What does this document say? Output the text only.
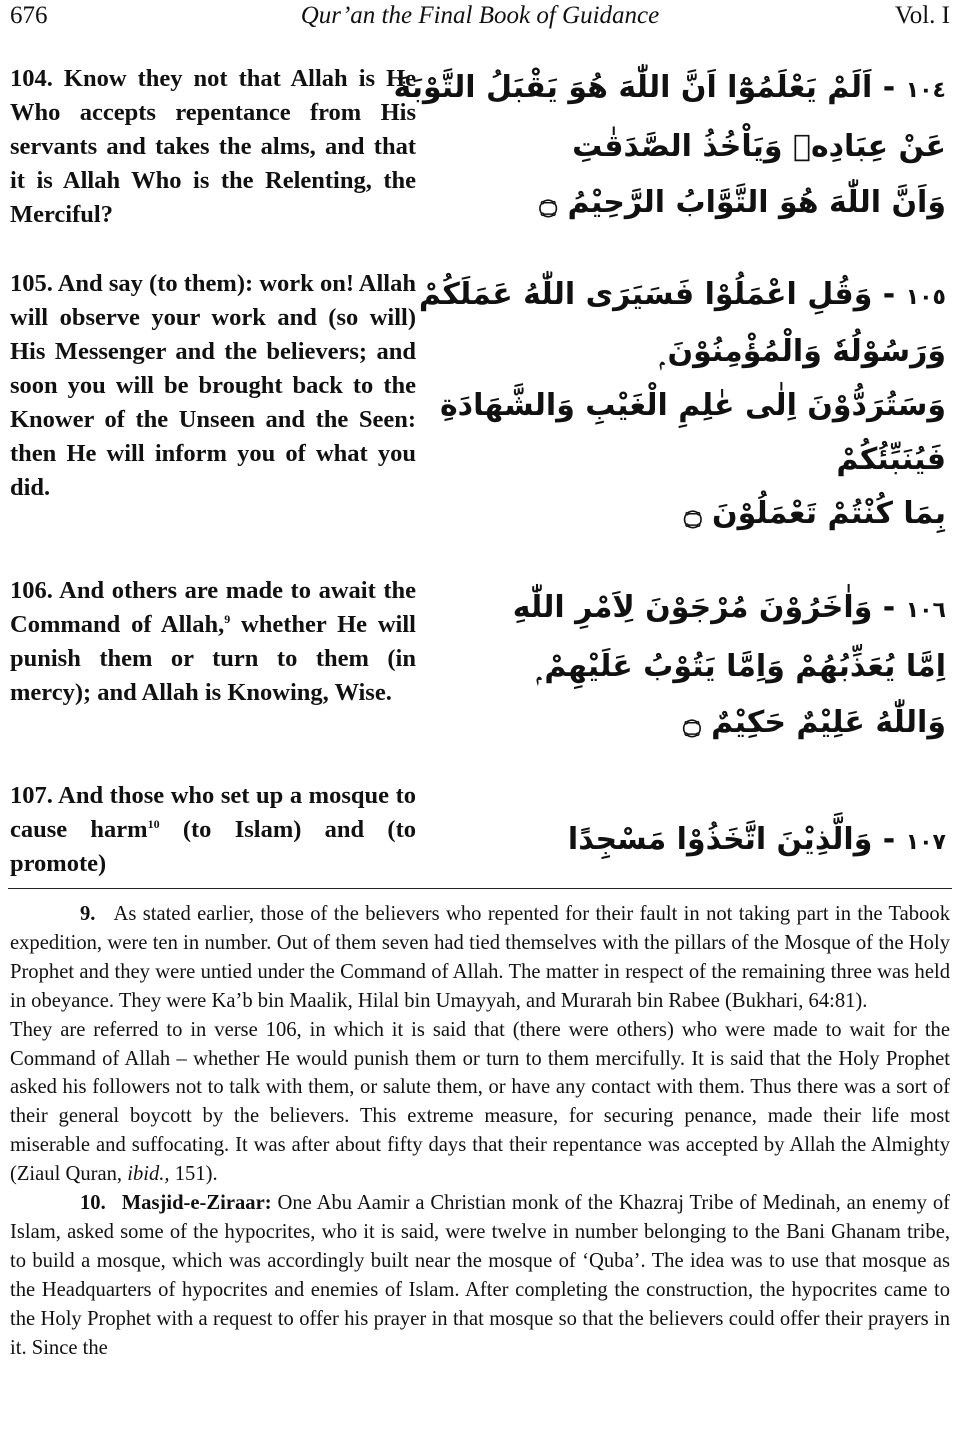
676	Qur’an the Final Book of Guidance	Vol. I

104. Know they not that Allah is He Who accepts repentance from His servants and takes the alms, and that it is Allah Who is the Relenting, the Merciful?

١٠٤ - اَلَمْ يَعْلَمُوْٓا اَنَّ اللّٰهَ هُوَ يَقْبَلُ التَّوْبَةَ
عَنْ عِبَادِهٖ وَيَاْخُذُ الصَّدَقٰتِ
وَاَنَّ اللّٰهَ هُوَ التَّوَّابُ الرَّحِيْمُ ۝

105. And say (to them): work on! Allah will observe your work and (so will) His Messenger and the believers; and soon you will be brought back to the Knower of the Unseen and the Seen: then He will inform you of what you did.

١٠٥ - وَقُلِ اعْمَلُوْا فَسَيَرَى اللّٰهُ عَمَلَكُمْ
وَرَسُوْلُهٗ وَالْمُؤْمِنُوْنَ ۭ
وَسَتُرَدُّوْنَ اِلٰى عٰلِمِ الْغَيْبِ وَالشَّهَادَةِ
فَيُنَبِّئُكُمْ
بِمَا كُنْتُمْ تَعْمَلُوْنَ ۝

106. And others are made to await the Command of Allah,$^9$ whether He will punish them or turn to them (in mercy); and Allah is Knowing, Wise.

١٠٦ - وَاٰخَرُوْنَ مُرْجَوْنَ لِاَمْرِ اللّٰهِ
اِمَّا يُعَذِّبُهُمْ وَاِمَّا يَتُوْبُ عَلَيْهِمْ ۭ
وَاللّٰهُ عَلِيْمٌ حَكِيْمٌ ۝

107. And those who set up a mosque to cause harm$^{10}$ (to Islam) and (to promote)

١٠٧ - وَالَّذِيْنَ اتَّخَذُوْا مَسْجِدًا

9. As stated earlier, those of the believers who repented for their fault in not taking part in the Tabook expedition, were ten in number. Out of them seven had tied themselves with the pillars of the Mosque of the Holy Prophet and they were untied under the Command of Allah. The matter in respect of the remaining three was held in obeyance. They were Ka’b bin Maalik, Hilal bin Umayyah, and Murarah bin Rabee (Bukhari, 64:81).

They are referred to in verse 106, in which it is said that (there were others) who were made to wait for the Command of Allah – whether He would punish them or turn to them mercifully. It is said that the Holy Prophet asked his followers not to talk with them, or salute them, or have any contact with them. Thus there was a sort of their general boycott by the believers. This extreme measure, for securing penance, made their life most miserable and suffocating. It was after about fifty days that their repentance was accepted by Allah the Almighty (Ziaul Quran, ibid., 151).

10. Masjid-e-Ziraar: One Abu Aamir a Christian monk of the Khazraj Tribe of Medinah, an enemy of Islam, asked some of the hypocrites, who it is said, were twelve in number belonging to the Bani Ghanam tribe, to build a mosque, which was accordingly built near the mosque of ‘Quba’. The idea was to use that mosque as the Headquarters of hypocrites and enemies of Islam. After completing the construction, the hypocrites came to the Holy Prophet with a request to offer his prayer in that mosque so that the believers could offer their prayers in it. Since the
